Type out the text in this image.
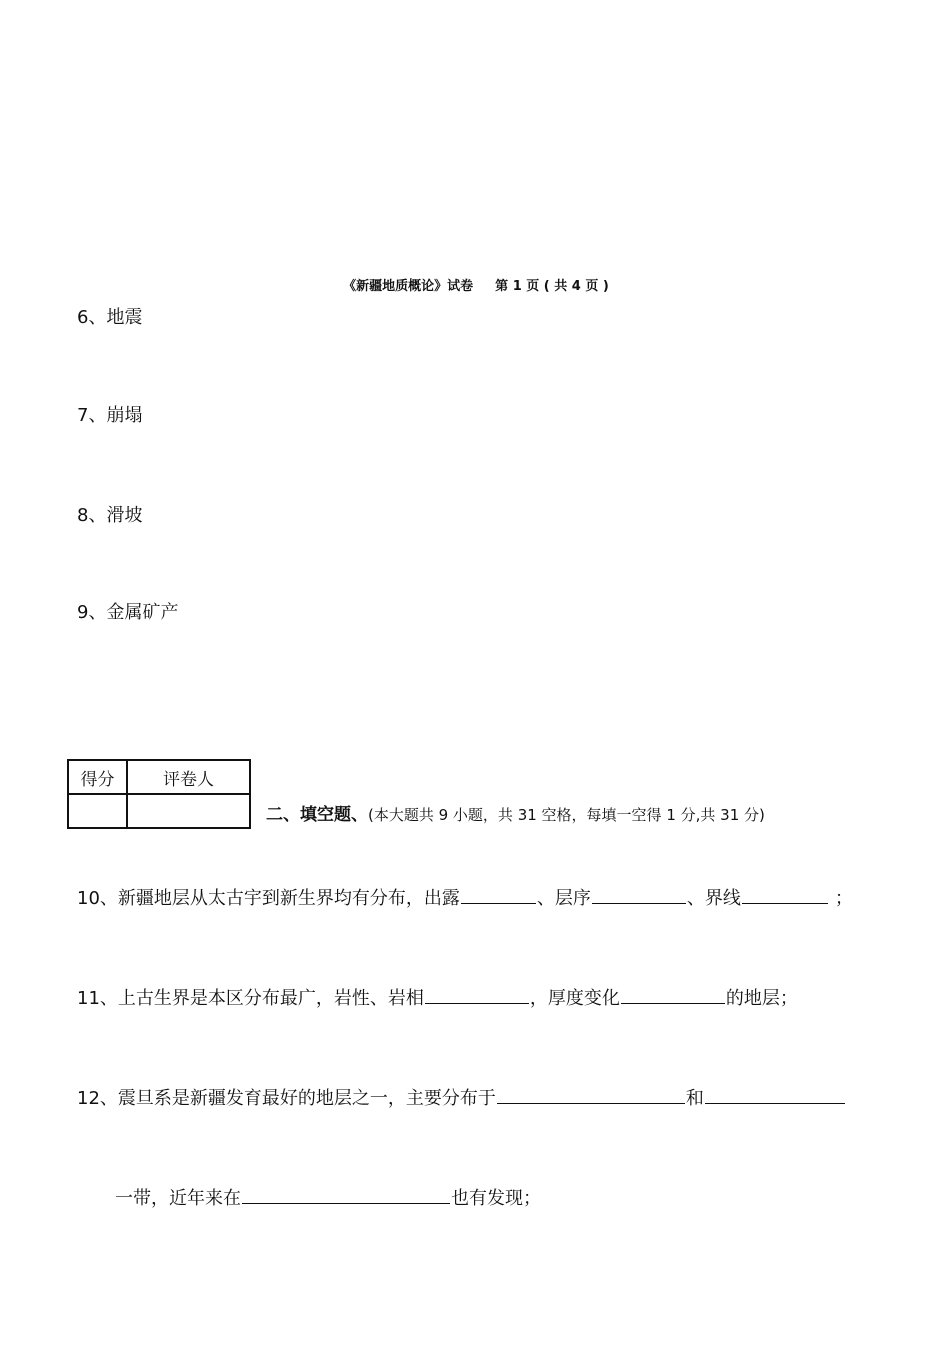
《新疆地质概论》试卷 第 1 页 ( 共 4 页 )
6、地震
7、崩塌
8、滑坡
9、金属矿产
得分	评卷人

二、填空题、(本大题共 9 小题，共 31 空格，每填一空得 1 分,共 31 分)
10、新疆地层从太古宇到新生界均有分布，出露	、层序	、界线	；
11、上古生界是本区分布最广，岩性、岩相	，厚度变化	的地层；
12、震旦系是新疆发育最好的地层之一，主要分布于	和
一带，近年来在	也有发现；
